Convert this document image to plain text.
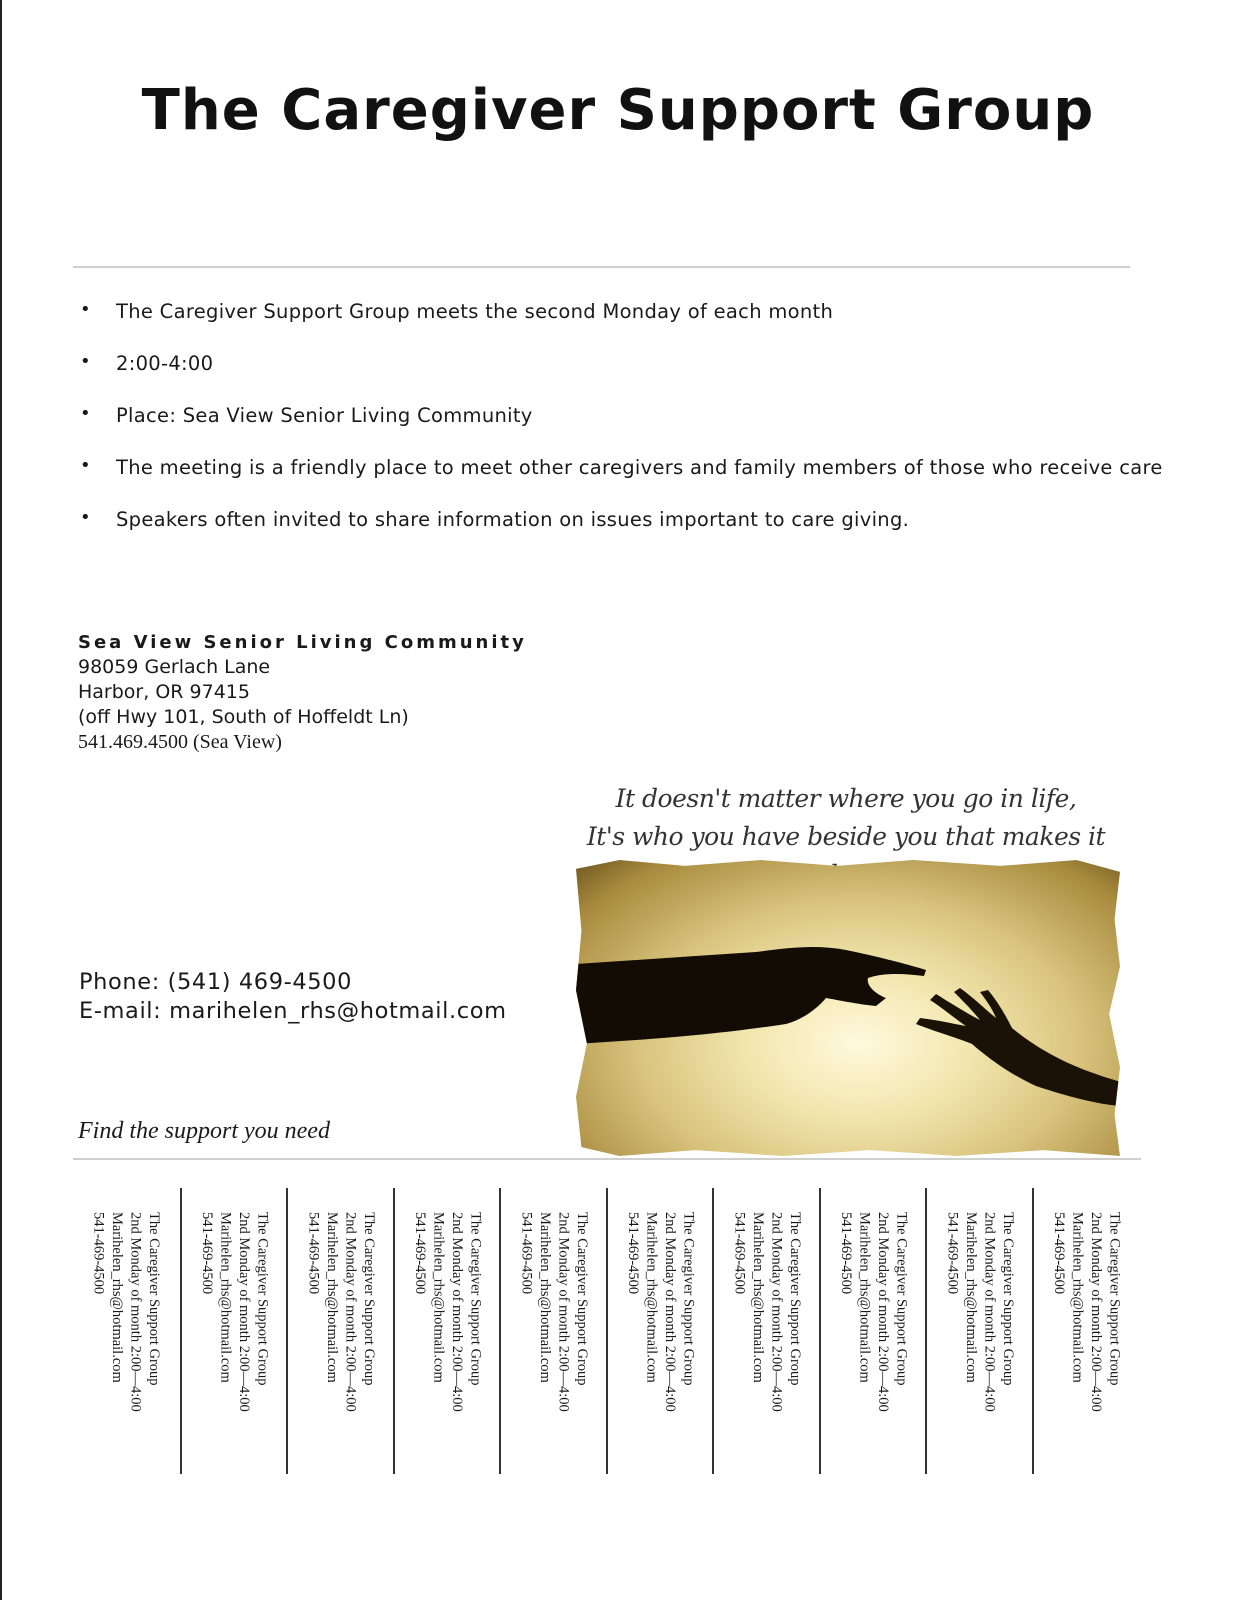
The Caregiver Support Group
• The Caregiver Support Group meets the second Monday of each month
• 2:00-4:00
• Place: Sea View Senior Living Community
• The meeting is a friendly place to meet other caregivers and family members of those who receive care
• Speakers often invited to share information on issues important to care giving.
Sea View Senior Living Community
98059 Gerlach Lane
Harbor, OR 97415
(off Hwy 101, South of Hoffeldt Ln)
541.469.4500 (Sea View)
It doesn't matter where you go in life,
It's who you have beside you that makes it
Phone: (541) 469-4500
E-mail: marihelen_rhs@hotmail.com
Find the support you need
The Caregiver Support Group
2nd Monday of month 2:00—4:00
Marihelen_rhs@hotmail.com
541-469-4500	The Caregiver Support Group
2nd Monday of month 2:00—4:00
Marihelen_rhs@hotmail.com
541-469-4500	The Caregiver Support Group
2nd Monday of month 2:00—4:00
Marihelen_rhs@hotmail.com
541-469-4500	The Caregiver Support Group
2nd Monday of month 2:00—4:00
Marihelen_rhs@hotmail.com
541-469-4500	The Caregiver Support Group
2nd Monday of month 2:00—4:00
Marihelen_rhs@hotmail.com
541-469-4500	The Caregiver Support Group
2nd Monday of month 2:00—4:00
Marihelen_rhs@hotmail.com
541-469-4500	The Caregiver Support Group
2nd Monday of month 2:00—4:00
Marihelen_rhs@hotmail.com
541-469-4500	The Caregiver Support Group
2nd Monday of month 2:00—4:00
Marihelen_rhs@hotmail.com
541-469-4500	The Caregiver Support Group
2nd Monday of month 2:00—4:00
Marihelen_rhs@hotmail.com
541-469-4500	The Caregiver Support Group
2nd Monday of month 2:00—4:00
Marihelen_rhs@hotmail.com
541-469-4500
